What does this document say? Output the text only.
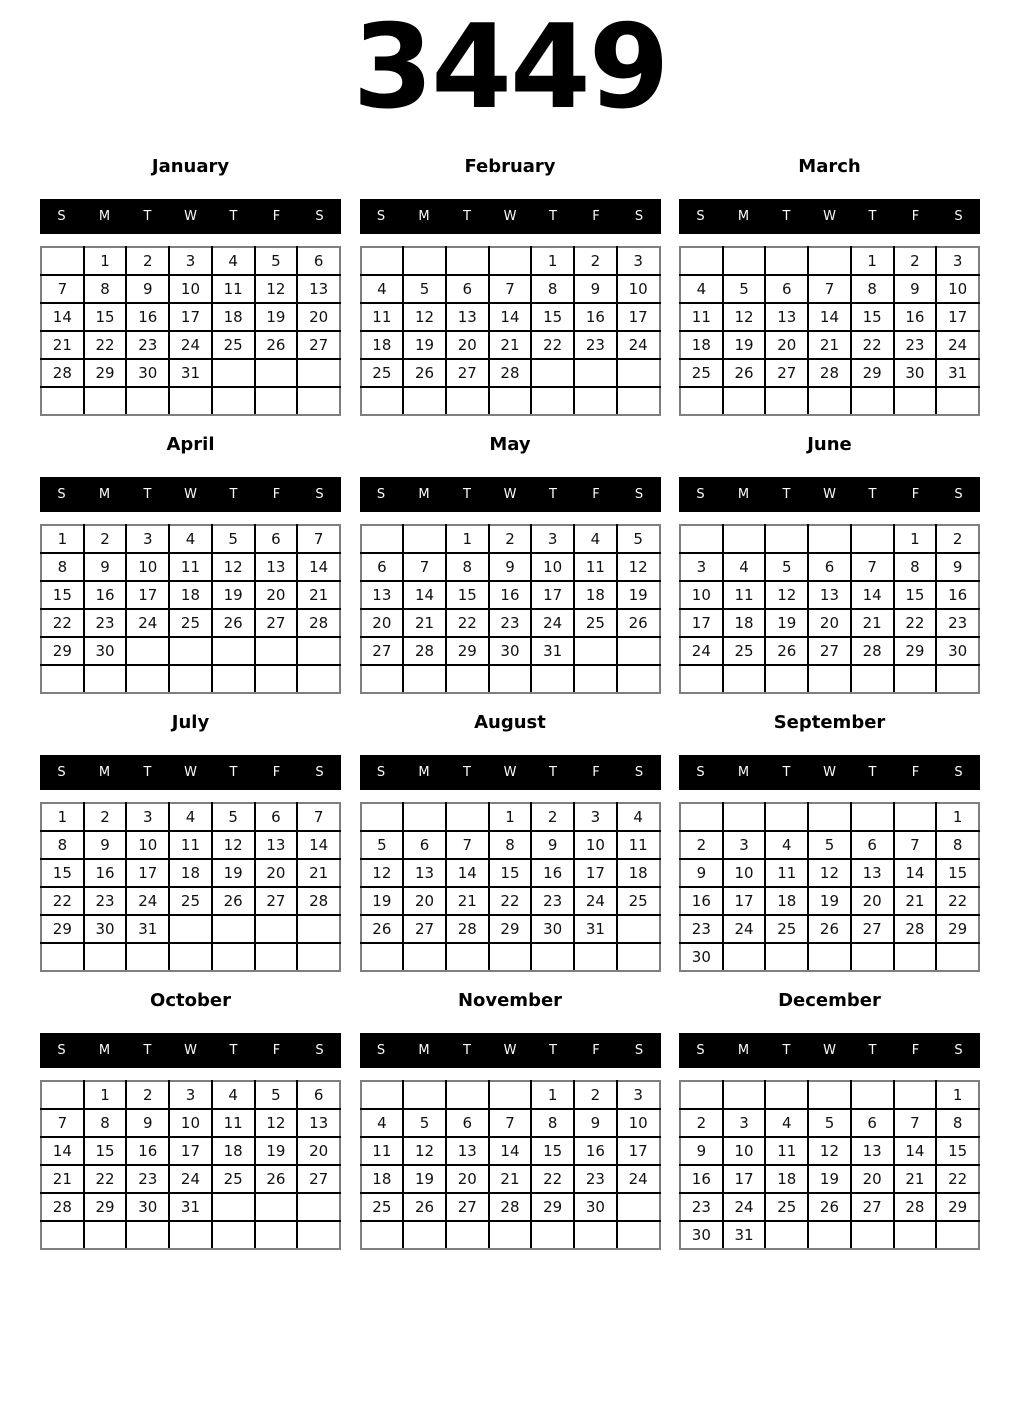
3449
January
S	M	T	W	T	F	S
	1	2	3	4	5	6
7	8	9	10	11	12	13
14	15	16	17	18	19	20
21	22	23	24	25	26	27
28	29	30	31			

February
S	M	T	W	T	F	S
				1	2	3
4	5	6	7	8	9	10
11	12	13	14	15	16	17
18	19	20	21	22	23	24
25	26	27	28			

March
S	M	T	W	T	F	S
				1	2	3
4	5	6	7	8	9	10
11	12	13	14	15	16	17
18	19	20	21	22	23	24
25	26	27	28	29	30	31

April
S	M	T	W	T	F	S
1	2	3	4	5	6	7
8	9	10	11	12	13	14
15	16	17	18	19	20	21
22	23	24	25	26	27	28
29	30					

May
S	M	T	W	T	F	S
		1	2	3	4	5
6	7	8	9	10	11	12
13	14	15	16	17	18	19
20	21	22	23	24	25	26
27	28	29	30	31		

June
S	M	T	W	T	F	S
					1	2
3	4	5	6	7	8	9
10	11	12	13	14	15	16
17	18	19	20	21	22	23
24	25	26	27	28	29	30

July
S	M	T	W	T	F	S
1	2	3	4	5	6	7
8	9	10	11	12	13	14
15	16	17	18	19	20	21
22	23	24	25	26	27	28
29	30	31				

August
S	M	T	W	T	F	S
			1	2	3	4
5	6	7	8	9	10	11
12	13	14	15	16	17	18
19	20	21	22	23	24	25
26	27	28	29	30	31	

September
S	M	T	W	T	F	S
						1
2	3	4	5	6	7	8
9	10	11	12	13	14	15
16	17	18	19	20	21	22
23	24	25	26	27	28	29
30						
October
S	M	T	W	T	F	S
	1	2	3	4	5	6
7	8	9	10	11	12	13
14	15	16	17	18	19	20
21	22	23	24	25	26	27
28	29	30	31			

November
S	M	T	W	T	F	S
				1	2	3
4	5	6	7	8	9	10
11	12	13	14	15	16	17
18	19	20	21	22	23	24
25	26	27	28	29	30	

December
S	M	T	W	T	F	S
						1
2	3	4	5	6	7	8
9	10	11	12	13	14	15
16	17	18	19	20	21	22
23	24	25	26	27	28	29
30	31					
